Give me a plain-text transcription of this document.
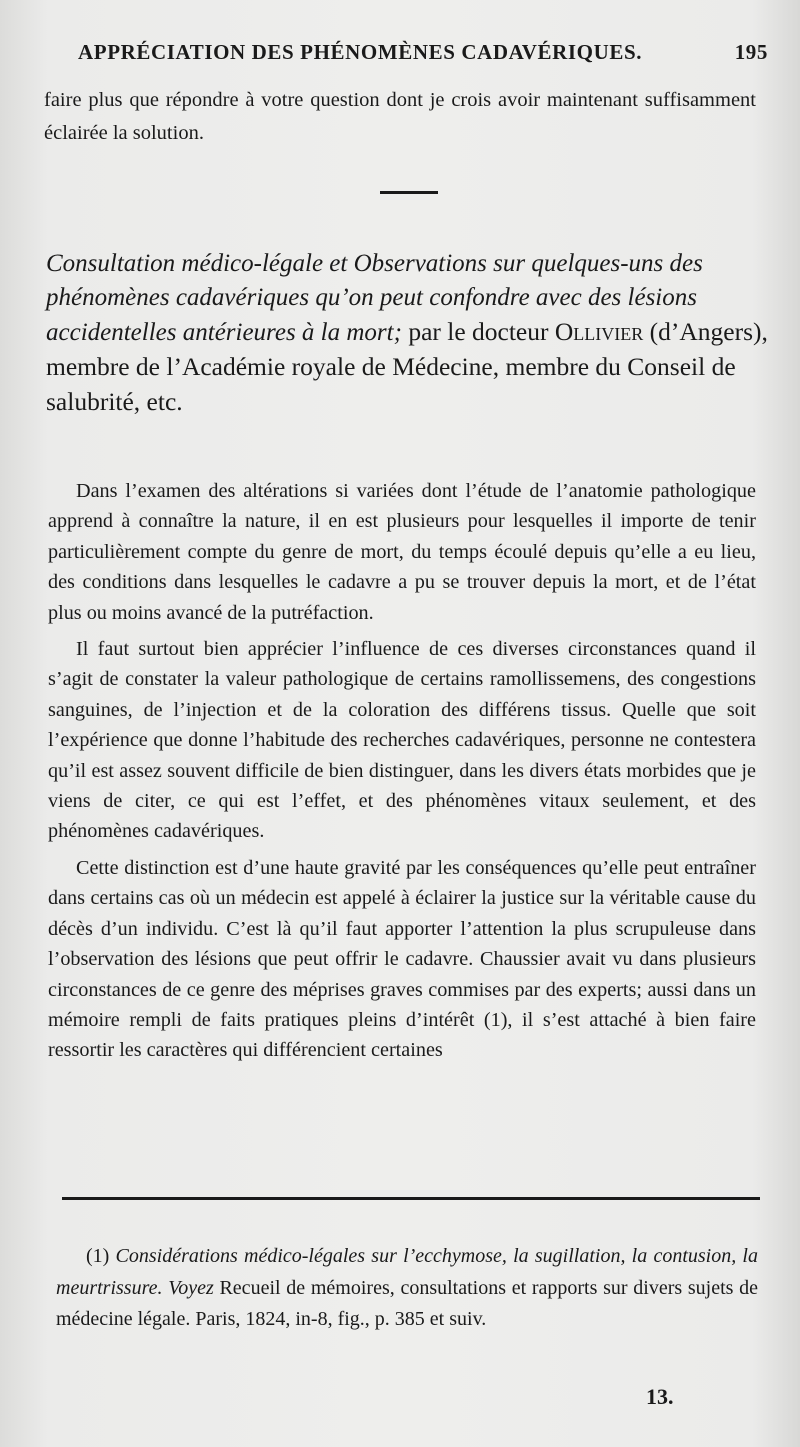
APPRÉCIATION DES PHÉNOMÈNES CADAVÉRIQUES.	195
faire plus que répondre à votre question dont je crois avoir maintenant suffisamment éclairée la solution.
Consultation médico-légale et Observations sur quelques-uns des phénomènes cadavériques qu’on peut confondre avec des lésions accidentelles antérieures à la mort; par le docteur Ollivier (d’Angers), membre de l’Académie royale de Médecine, membre du Conseil de salubrité, etc.

Dans l’examen des altérations si variées dont l’étude de l’anatomie pathologique apprend à connaître la nature, il en est plusieurs pour lesquelles il importe de tenir particulièrement compte du genre de mort, du temps écoulé depuis qu’elle a eu lieu, des conditions dans lesquelles le cadavre a pu se trouver depuis la mort, et de l’état plus ou moins avancé de la putréfaction.

Il faut surtout bien apprécier l’influence de ces diverses circonstances quand il s’agit de constater la valeur pathologique de certains ramollissemens, des congestions sanguines, de l’injection et de la coloration des différens tissus. Quelle que soit l’expérience que donne l’habitude des recherches cadavériques, personne ne contestera qu’il est assez souvent difficile de bien distinguer, dans les divers états morbides que je viens de citer, ce qui est l’effet, et des phénomènes vitaux seulement, et des phénomènes cadavériques.

Cette distinction est d’une haute gravité par les conséquences qu’elle peut entraîner dans certains cas où un médecin est appelé à éclairer la justice sur la véritable cause du décès d’un individu. C’est là qu’il faut apporter l’attention la plus scrupuleuse dans l’observation des lésions que peut offrir le cadavre. Chaussier avait vu dans plusieurs circonstances de ce genre des méprises graves commises par des experts; aussi dans un mémoire rempli de faits pratiques pleins d’intérêt (1), il s’est attaché à bien faire ressortir les caractères qui différencient certaines

(1) Considérations médico-légales sur l’ecchymose, la sugillation, la contusion, la meurtrissure. Voyez Recueil de mémoires, consultations et rapports sur divers sujets de médecine légale. Paris, 1824, in-8, fig., p. 385 et suiv.
13.
